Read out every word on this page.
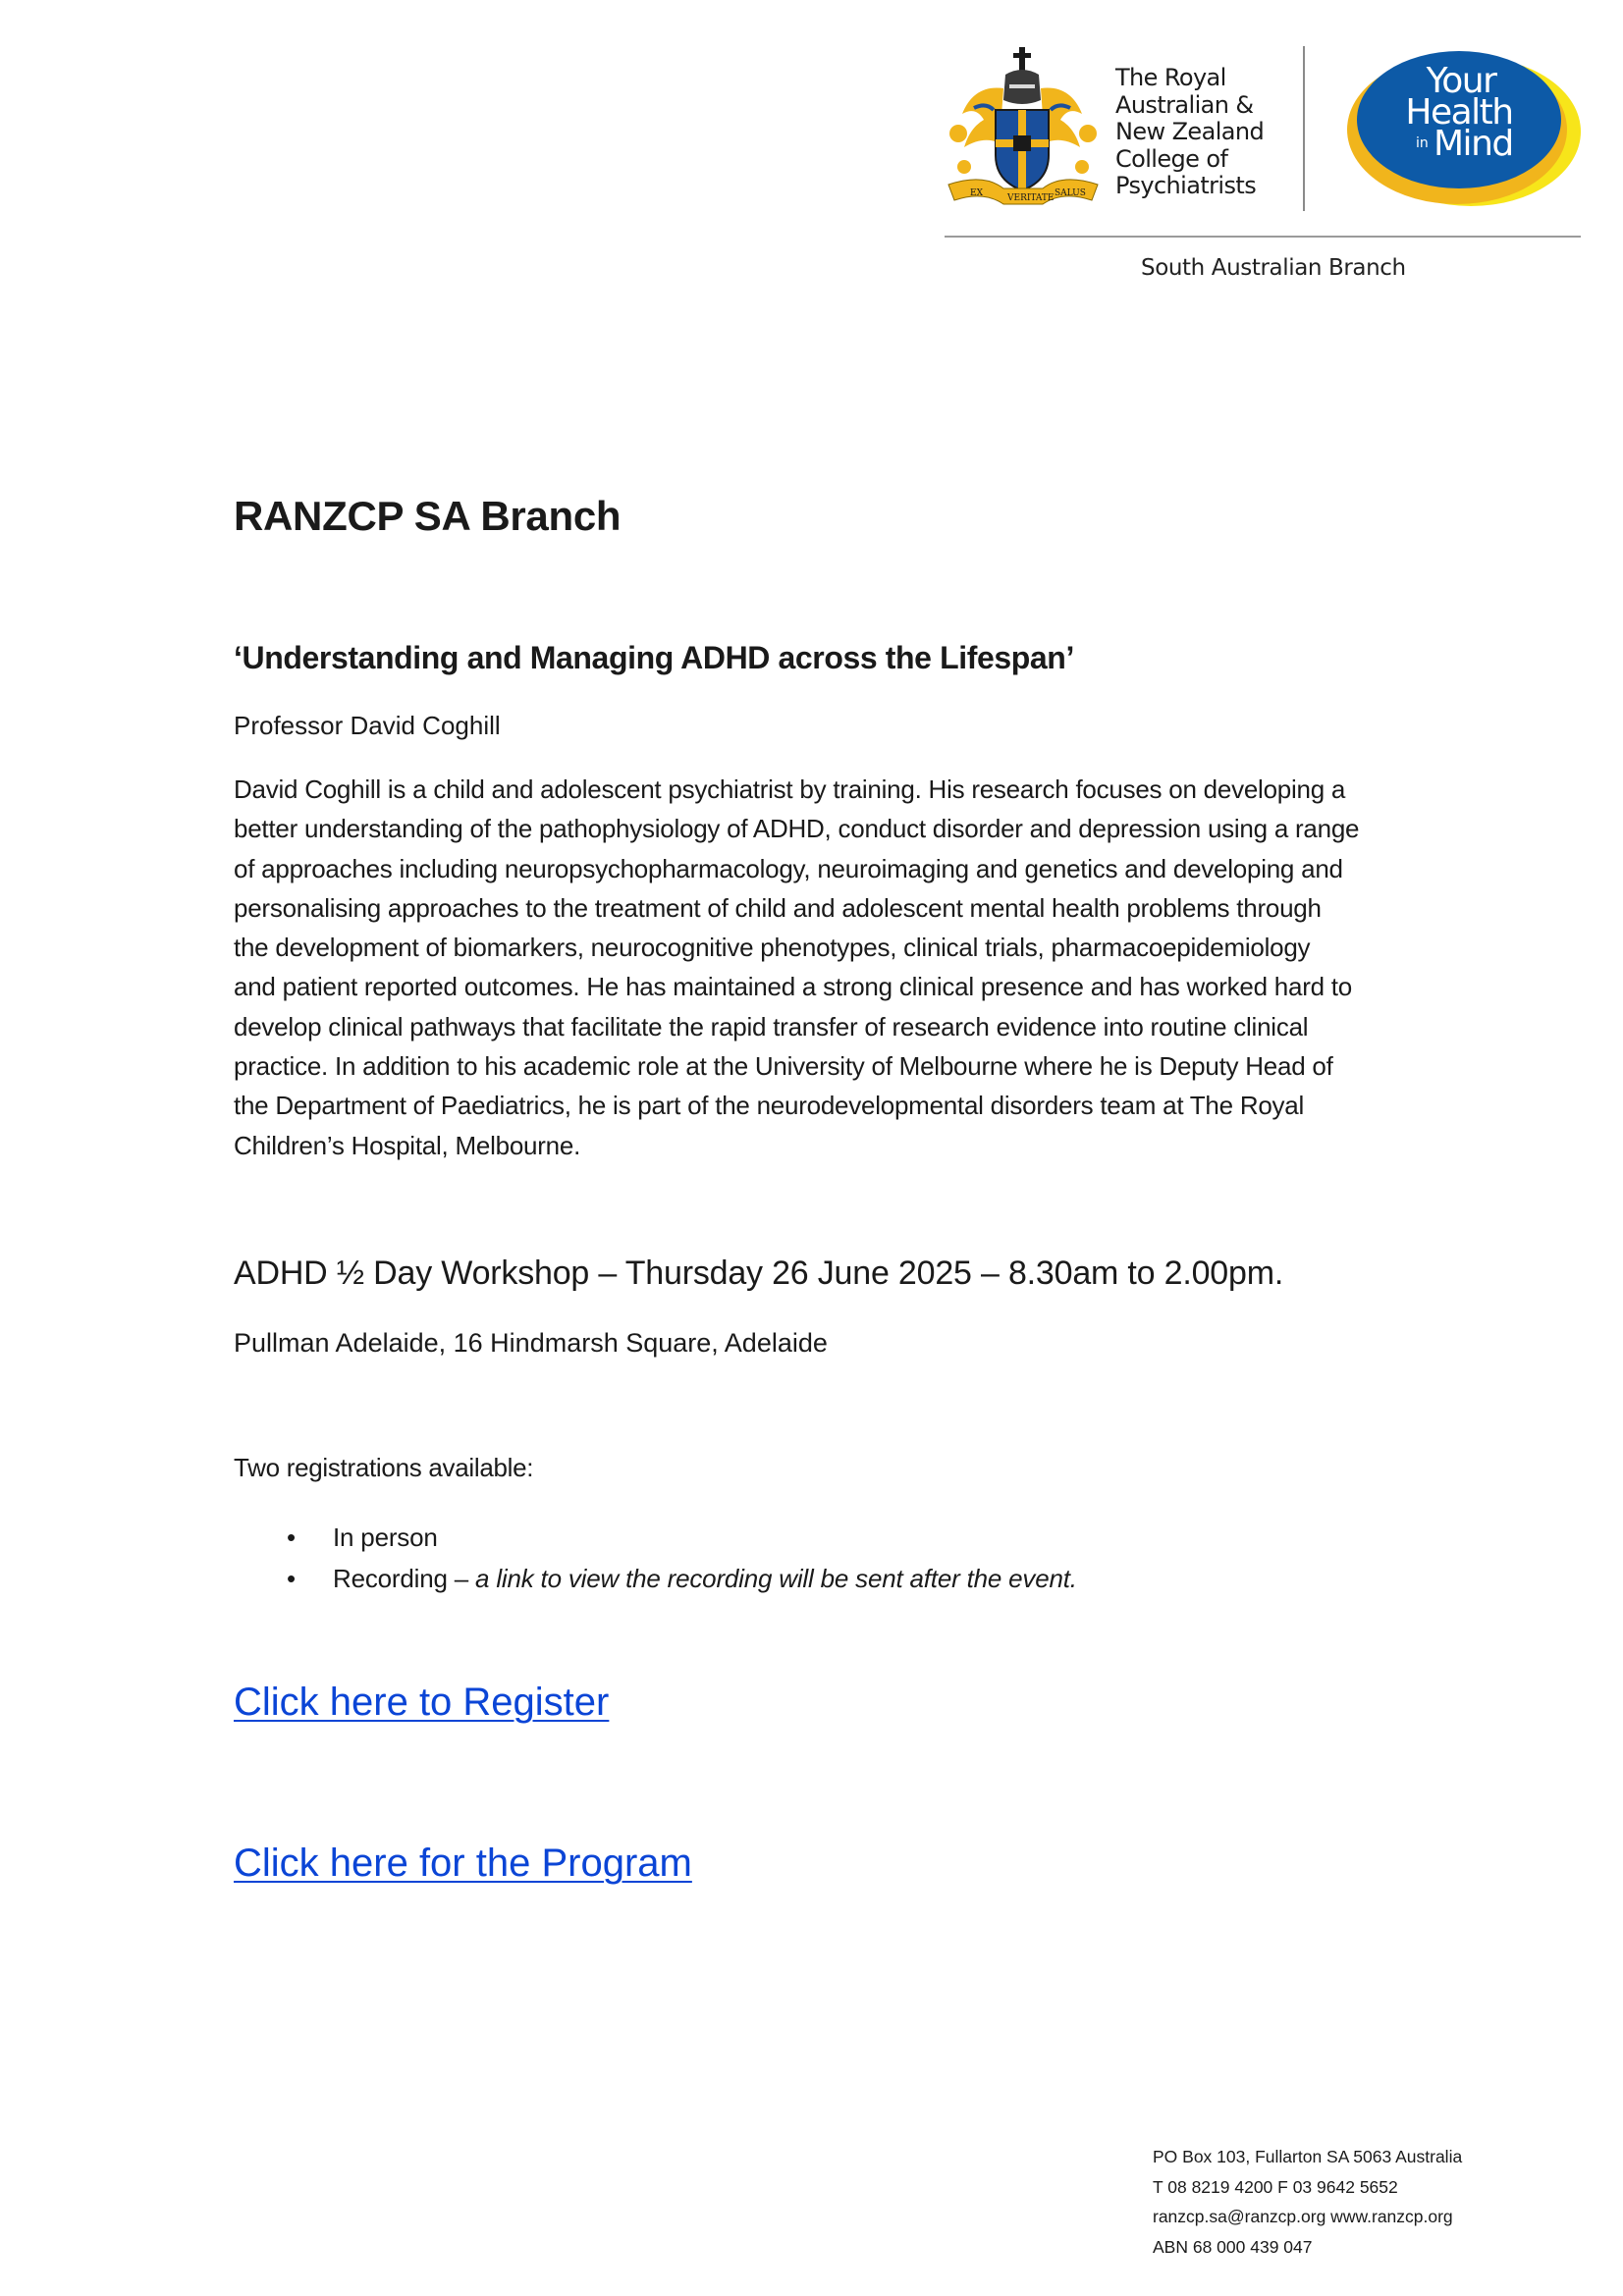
EX	VERITATE SALUS
The Royal
Australian &
New Zealand
College of
Psychiatrists
Your
Health
in Mind
South Australian Branch
RANZCP SA Branch
‘Understanding and Managing ADHD across the Lifespan’
Professor David Coghill
David Coghill is a child and adolescent psychiatrist by training. His research focuses on developing a
better understanding of the pathophysiology of ADHD, conduct disorder and depression using a range
of approaches including neuropsychopharmacology, neuroimaging and genetics and developing and
personalising approaches to the treatment of child and adolescent mental health problems through
the development of biomarkers, neurocognitive phenotypes, clinical trials, pharmacoepidemiology
and patient reported outcomes. He has maintained a strong clinical presence and has worked hard to
develop clinical pathways that facilitate the rapid transfer of research evidence into routine clinical
practice. In addition to his academic role at the University of Melbourne where he is Deputy Head of
the Department of Paediatrics, he is part of the neurodevelopmental disorders team at The Royal
Children’s Hospital, Melbourne.
ADHD ½ Day Workshop – Thursday 26 June 2025 – 8.30am to 2.00pm.
Pullman Adelaide, 16 Hindmarsh Square, Adelaide
Two registrations available:
• In person
• Recording – a link to view the recording will be sent after the event.
Click here to Register
Click here for the Program
PO Box 103, Fullarton SA 5063 Australia
T 08 8219 4200 F 03 9642 5652
ranzcp.sa@ranzcp.org www.ranzcp.org
ABN 68 000 439 047
